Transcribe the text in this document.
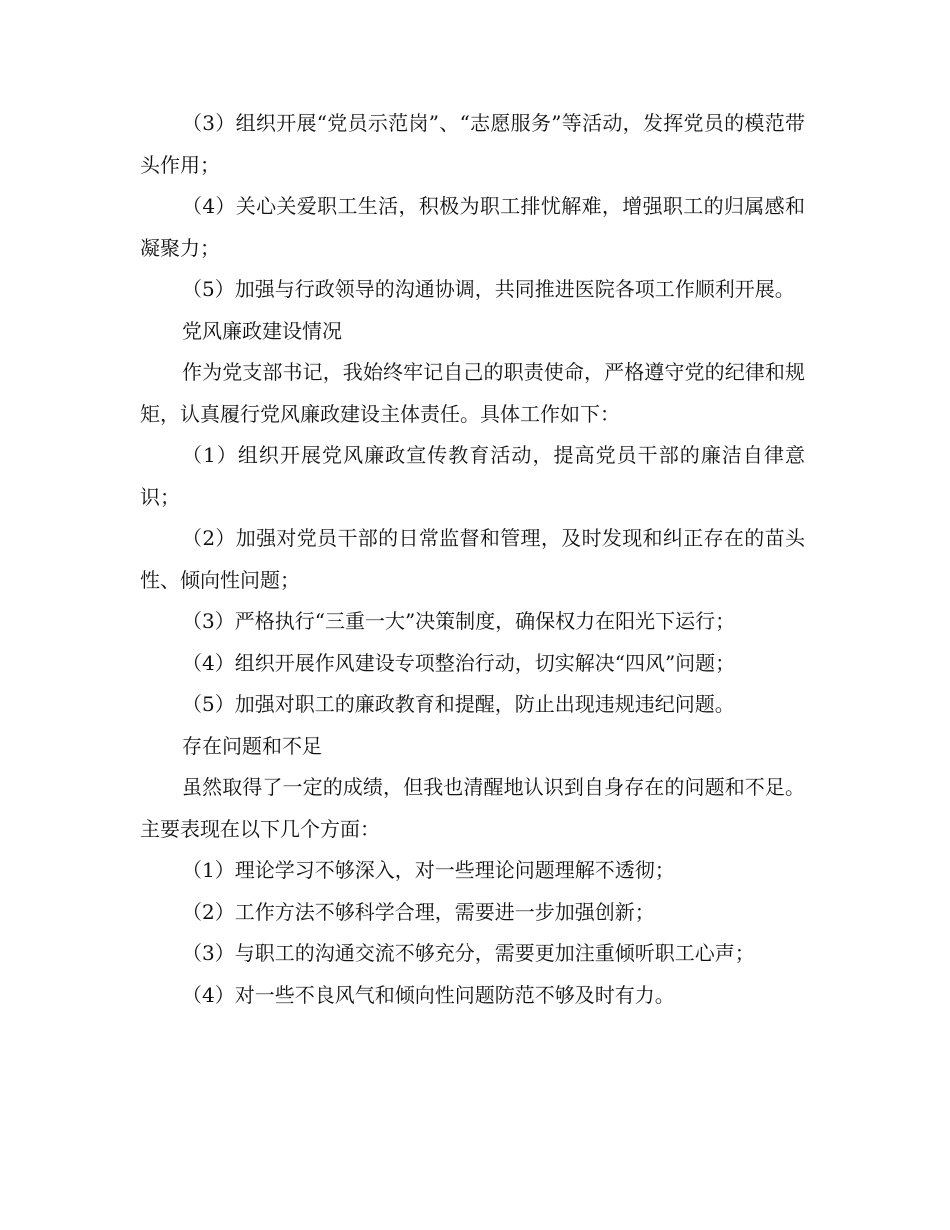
（3）组织开展“党员示范岗”、“志愿服务”等活动，发挥党员的模范带头作用；

（4）关心关爱职工生活，积极为职工排忧解难，增强职工的归属感和凝聚力；

（5）加强与行政领导的沟通协调，共同推进医院各项工作顺利开展。

党风廉政建设情况

作为党支部书记，我始终牢记自己的职责使命，严格遵守党的纪律和规矩，认真履行党风廉政建设主体责任。具体工作如下：

（1）组织开展党风廉政宣传教育活动，提高党员干部的廉洁自律意识；

（2）加强对党员干部的日常监督和管理，及时发现和纠正存在的苗头性、倾向性问题；

（3）严格执行“三重一大”决策制度，确保权力在阳光下运行；

（4）组织开展作风建设专项整治行动，切实解决“四风”问题；

（5）加强对职工的廉政教育和提醒，防止出现违规违纪问题。

存在问题和不足

虽然取得了一定的成绩，但我也清醒地认识到自身存在的问题和不足。主要表现在以下几个方面：

（1）理论学习不够深入，对一些理论问题理解不透彻；

（2）工作方法不够科学合理，需要进一步加强创新；

（3）与职工的沟通交流不够充分，需要更加注重倾听职工心声；

（4）对一些不良风气和倾向性问题防范不够及时有力。
